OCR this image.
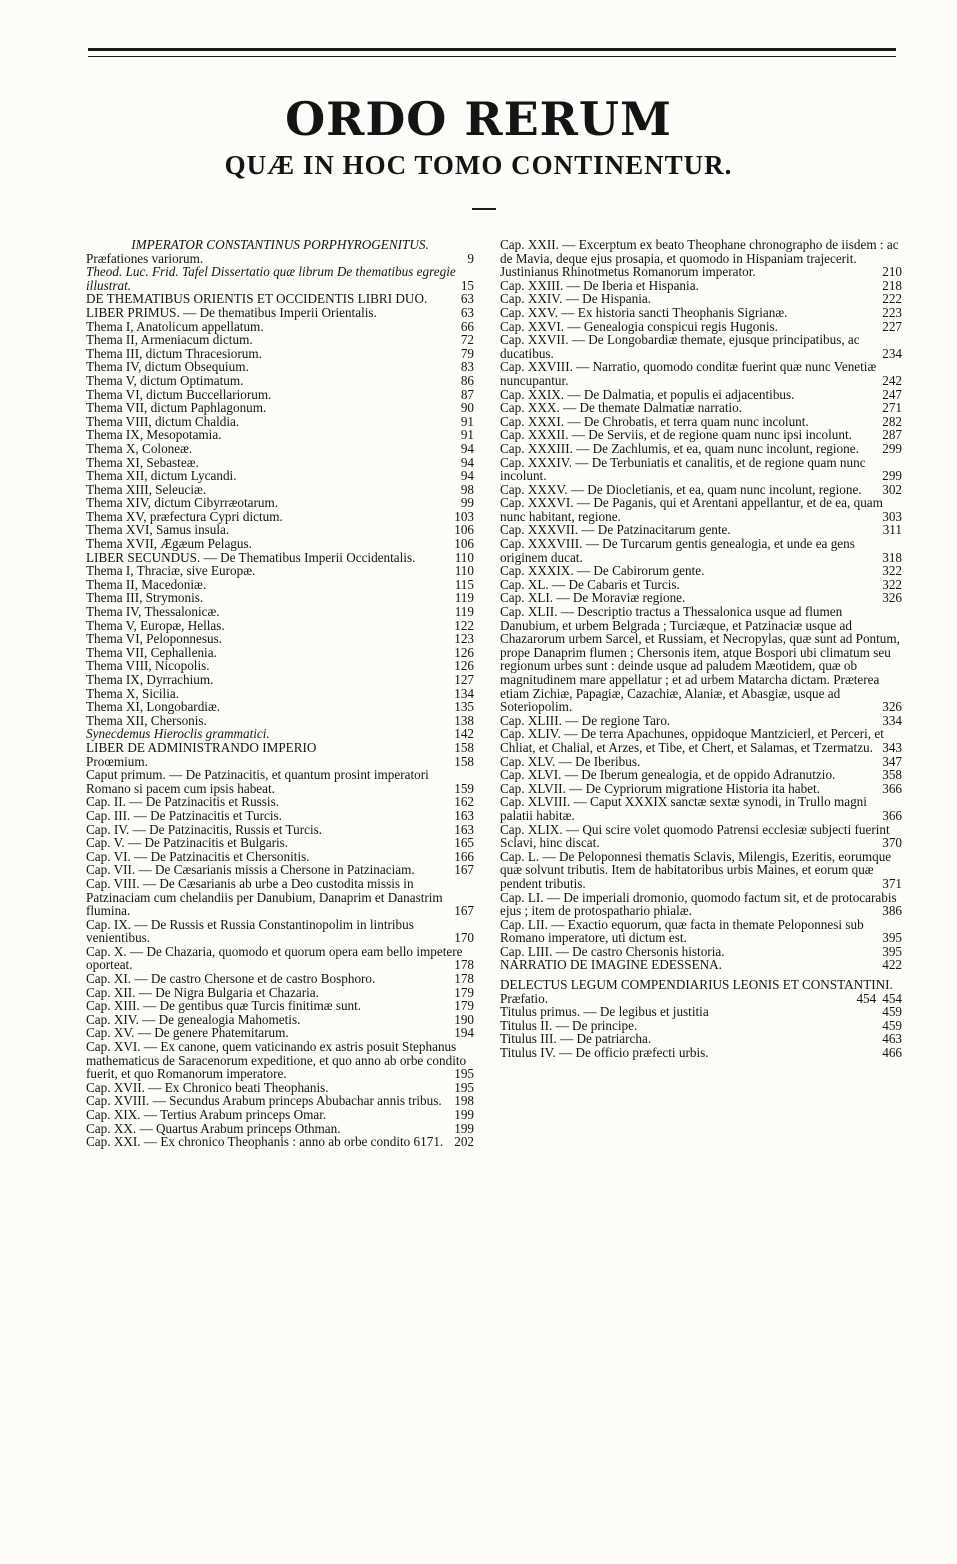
ORDO RERUM
QUÆ IN HOC TOMO CONTINENTUR.

IMPERATOR CONSTANTINUS PORPHYROGENITUS.

Præfationes variorum.	9

Theod. Luc. Frid. Tafel Dissertatio quæ librum De thematibus egregie illustrat.	15

DE THEMATIBUS ORIENTIS ET OCCIDENTIS LIBRI DUO.	63

LIBER PRIMUS. — De thematibus Imperii Orientalis.	63

Thema I, Anatolicum appellatum.	66

Thema II, Armeniacum dictum.	72

Thema III, dictum Thracesiorum.	79

Thema IV, dictum Obsequium.	83

Thema V, dictum Optimatum.	86

Thema VI, dictum Buccellariorum.	87

Thema VII, dictum Paphlagonum.	90

Thema VIII, dictum Chaldia.	91

Thema IX, Mesopotamia.	91

Thema X, Coloneæ.	94

Thema XI, Sebasteæ.	94

Thema XII, dictum Lycandi.	94

Thema XIII, Seleuciæ.	98

Thema XIV, dictum Cibyrræotarum.	99

Thema XV, præfectura Cypri dictum.	103

Thema XVI, Samus insula.	106

Thema XVII, Ægæum Pelagus.	106

LIBER SECUNDUS. — De Thematibus Imperii Occidentalis.	110

Thema I, Thraciæ, sive Europæ.	110

Thema II, Macedoniæ.	115

Thema III, Strymonis.	119

Thema IV, Thessalonicæ.	119

Thema V, Europæ, Hellas.	122

Thema VI, Peloponnesus.	123

Thema VII, Cephallenia.	126

Thema VIII, Nicopolis.	126

Thema IX, Dyrrachium.	127

Thema X, Sicilia.	134

Thema XI, Longobardiæ.	135

Thema XII, Chersonis.	138

Synecdemus Hieroclis grammatici.	142

LIBER DE ADMINISTRANDO IMPERIO	158

Proœmium.	158

Caput primum. — De Patzinacitis, et quantum prosint imperatori Romano si pacem cum ipsis habeat.	159

Cap. II. — De Patzinacitis et Russis.	162

Cap. III. — De Patzinacitis et Turcis.	163

Cap. IV. — De Patzinacitis, Russis et Turcis.	163

Cap. V. — De Patzinacitis et Bulgaris.	165

Cap. VI. — De Patzinacitis et Chersonitis.	166

Cap. VII. — De Cæsarianis missis a Chersone in Patzinaciam.	167

Cap. VIII. — De Cæsarianis ab urbe a Deo custodita missis in Patzinaciam cum chelandiis per Danubium, Danaprim et Danastrim flumina.	167

Cap. IX. — De Russis et Russia Constantinopolim in lintribus venientibus.	170

Cap. X. — De Chazaria, quomodo et quorum opera eam bello impetere oporteat.	178

Cap. XI. — De castro Chersone et de castro Bosphoro.	178

Cap. XII. — De Nigra Bulgaria et Chazaria.	179

Cap. XIII. — De gentibus quæ Turcis finitimæ sunt.	179

Cap. XIV. — De genealogia Mahometis.	190

Cap. XV. — De genere Phatemitarum.	194

Cap. XVI. — Ex canone, quem vaticinando ex astris posuit Stephanus mathematicus de Saracenorum expeditione, et quo anno ab orbe condito fuerit, et quo Romanorum imperatore.	195

Cap. XVII. — Ex Chronico beati Theophanis.	195

Cap. XVIII. — Secundus Arabum princeps Abubachar annis tribus. 198

Cap. XIX. — Tertius Arabum princeps Omar.	199

Cap. XX. — Quartus Arabum princeps Othman.	199

Cap. XXI. — Ex chronico Theophanis : anno ab orbe condito 6171. 202

Cap. XXII. — Excerptum ex beato Theophane chronographo de iisdem : ac de Mavia, deque ejus prosapia, et quomodo in Hispaniam trajecerit. Justinianus Rhinotmetus Romanorum imperator.	210

Cap. XXIII. — De Iberia et Hispania.	218

Cap. XXIV. — De Hispania.	222

Cap. XXV. — Ex historia sancti Theophanis Sigrianæ.	223

Cap. XXVI. — Genealogia conspicui regis Hugonis.	227

Cap. XXVII. — De Longobardiæ themate, ejusque principatibus, ac ducatibus.	234

Cap. XXVIII. — Narratio, quomodo conditæ fuerint quæ nunc Venetiæ nuncupantur.	242

Cap. XXIX. — De Dalmatia, et populis ei adjacentibus.	247

Cap. XXX. — De themate Dalmatiæ narratio.	271

Cap. XXXI. — De Chrobatis, et terra quam nunc incolunt.	282

Cap. XXXII. — De Serviis, et de regione quam nunc ipsi incolunt. 287

Cap. XXXIII. — De Zachlumis, et ea, quam nunc incolunt, regione. 299

Cap. XXXIV. — De Terbuniatis et canalitis, et de regione quam nunc incolunt.	299

Cap. XXXV. — De Diocletianis, et ea, quam nunc incolunt, regione. 302

Cap. XXXVI. — De Paganis, qui et Arentani appellantur, et de ea, quam nunc habitant, regione.	303

Cap. XXXVII. — De Patzinacitarum gente.	311

Cap. XXXVIII. — De Turcarum gentis genealogia, et unde ea gens originem ducat.	318

Cap. XXXIX. — De Cabirorum gente.	322

Cap. XL. — De Cabaris et Turcis.	322

Cap. XLI. — De Moraviæ regione.	326

Cap. XLII. — Descriptio tractus a Thessalonica usque ad flumen Danubium, et urbem Belgrada ; Turciæque, et Patzinaciæ usque ad Chazarorum urbem Sarcel, et Russiam, et Necropylas, quæ sunt ad Pontum, prope Danaprim flumen ; Chersonis item, atque Bospori ubi climatum seu regionum urbes sunt : deinde usque ad paludem Mæotidem, quæ ob magnitudinem mare appellatur ; et ad urbem Matarcha dictam. Præterea etiam Zichiæ, Papagiæ, Cazachiæ, Alaniæ, et Abasgiæ, usque ad Soteriopolim.	326

Cap. XLIII. — De regione Taro.	334

Cap. XLIV. — De terra Apachunes, oppidoque Mantzicierl, et Perceri, et Chliat, et Chalial, et Arzes, et Tibe, et Chert, et Salamas, et Tzermatzu. 343

Cap. XLV. — De Iberibus.	347

Cap. XLVI. — De Iberum genealogia, et de oppido Adranutzio.	358

Cap. XLVII. — De Cypriorum migratione Historia ita habet.	366

Cap. XLVIII. — Caput XXXIX sanctæ sextæ synodi, in Trullo magni palatii habitæ.	366

Cap. XLIX. — Qui scire volet quomodo Patrensi ecclesiæ subjecti fuerint Sclavi, hinc discat.	370

Cap. L. — De Peloponnesi thematis Sclavis, Milengis, Ezeritis, eorumque quæ solvunt tributis. Item de habitatoribus urbis Maines, et eorum quæ pendent tributis.	371

Cap. LI. — De imperiali dromonio, quomodo factum sit, et de protocarabis ejus ; item de protospathario phialæ.	386

Cap. LII. — Exactio equorum, quæ facta in themate Peloponnesi sub Romano imperatore, uti dictum est.	395

Cap. LIII. — De castro Chersonis historia.	395

NARRATIO DE IMAGINE EDESSENA.	422

DELECTUS LEGUM COMPENDIARIUS LEONIS ET CONSTANTINI.
454

Præfatio.	454

Titulus primus. — De legibus et justitia	459

Titulus II. — De principe.	459

Titulus III. — De patriarcha.	463

Titulus IV. — De officio præfecti urbis.	466
